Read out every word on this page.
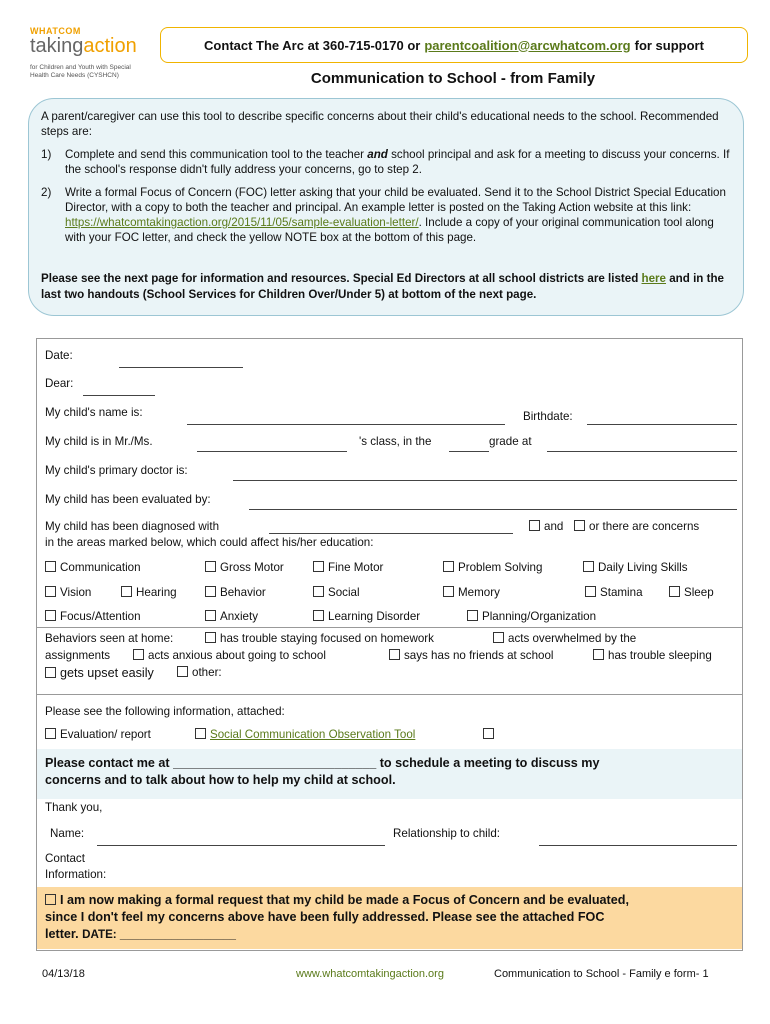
WHATCOM
takingaction
for Children and Youth with Special Health Care Needs (CYSHCN)
Contact The Arc at 360-715-0170 or parentcoalition@arcwhatcom.org for support
Communication to School - from Family

A parent/caregiver can use this tool to describe specific concerns about their child's educational needs to the school. Recommended steps are:

1)	Complete and send this communication tool to the teacher and school principal and ask for a meeting to discuss your concerns. If the school's response didn't fully address your concerns, go to step 2.
2)	Write a formal Focus of Concern (FOC) letter asking that your child be evaluated. Send it to the School District Special Education Director, with a copy to both the teacher and principal. An example letter is posted on the Taking Action website at this link: https://whatcomtakingaction.org/2015/11/05/sample-evaluation-letter/. Include a copy of your original communication tool along with your FOC letter, and check the yellow NOTE box at the bottom of this page.
Please see the next page for information and resources. Special Ed Directors at all school districts are listed here and in the last two handouts (School Services for Children Over/Under 5) at bottom of the next page.
Date:
Dear:
My child's name is:	Birthdate:
My child is in Mr./Ms.	's class, in the	grade at
My child's primary doctor is:
My child has been evaluated by:
My child has been diagnosed with	and	or there are concerns
in the areas marked below, which could affect his/her education:
Communication	Gross Motor	Fine Motor	Problem Solving	Daily Living Skills
Vision	Hearing	Behavior	Social	Memory	Stamina	Sleep
Focus/Attention	Anxiety	Learning Disorder	Planning/Organization
Behaviors seen at home:	has trouble staying focused on homework	acts overwhelmed by the
assignments	acts anxious about going to school	says has no friends at school	has trouble sleeping
gets upset easily	other:
Please see the following information, attached:
Evaluation/ report	Social Communication Observation Tool
Please contact me at _____________________________ to schedule a meeting to discuss my
concerns and to talk about how to help my child at school.
Thank you,
Name:	Relationship to child:
Contact
Information:
I am now making a formal request that my child be made a Focus of Concern and be evaluated,
since I don't feel my concerns above have been fully addressed. Please see the attached FOC
letter. DATE: __________________
04/13/18	www.whatcomtakingaction.org	Communication to School - Family e form- 1
